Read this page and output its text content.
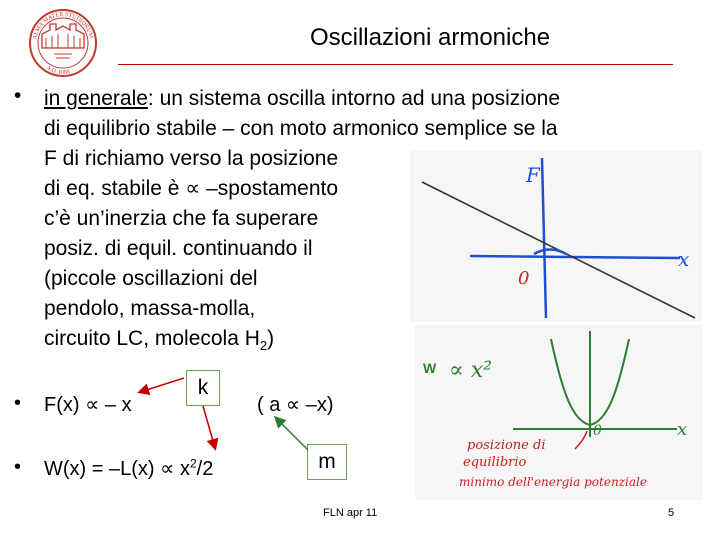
ALMA MATER STUDIORUM
A.D. 1088
Oscillazioni armoniche
• in generale: un sistema oscilla intorno ad una posizione
di equilibrio stabile – con moto armonico semplice se la
F di richiamo verso la posizione
di eq. stabile è ∝ –spostamento
c’è un’inerzia che fa superare
posiz. di equil. continuando il
(piccole oscillazioni del
pendolo, massa-molla,
circuito LC, molecola $H_2$)
F
x
0
W ∝ x²
0	x
posizione di
equilibrio
minimo dell'energia potenziale
• F(x) ∝ – x
k
( a ∝ –x)
• $W(x) = -L(x) \propto x^2/2$	m
FLN apr 11	5
